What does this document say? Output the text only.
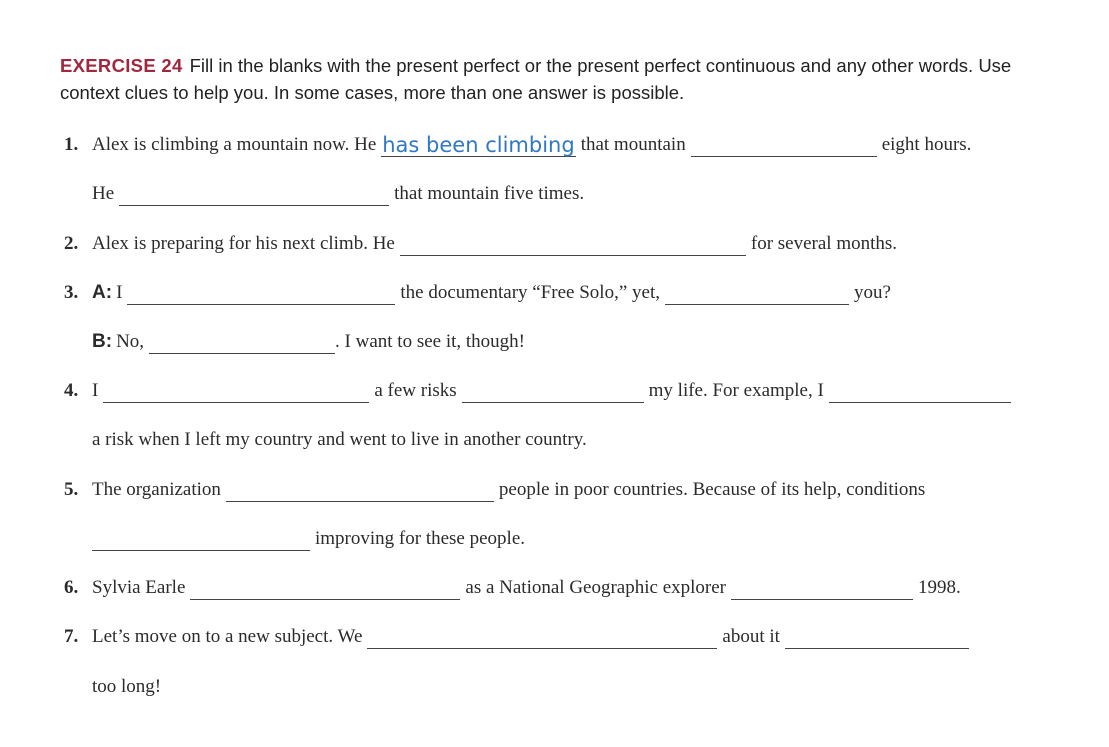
EXERCISE 24 Fill in the blanks with the present perfect or the present perfect continuous and any other words. Use context clues to help you. In some cases, more than one answer is possible.
1. Alex is climbing a mountain now. He has been climbing that mountain	eight hours.
He	that mountain five times.
2. Alex is preparing for his next climb. He	for several months.
3. A: I	the documentary “Free Solo,” yet,	you?
B: No,	. I want to see it, though!
4. I	a few risks	my life. For example, I
a risk when I left my country and went to live in another country.
5. The organization	people in poor countries. Because of its help, conditions
improving for these people.
6. Sylvia Earle	as a National Geographic explorer	1998.
7. Let’s move on to a new subject. We	about it
too long!
